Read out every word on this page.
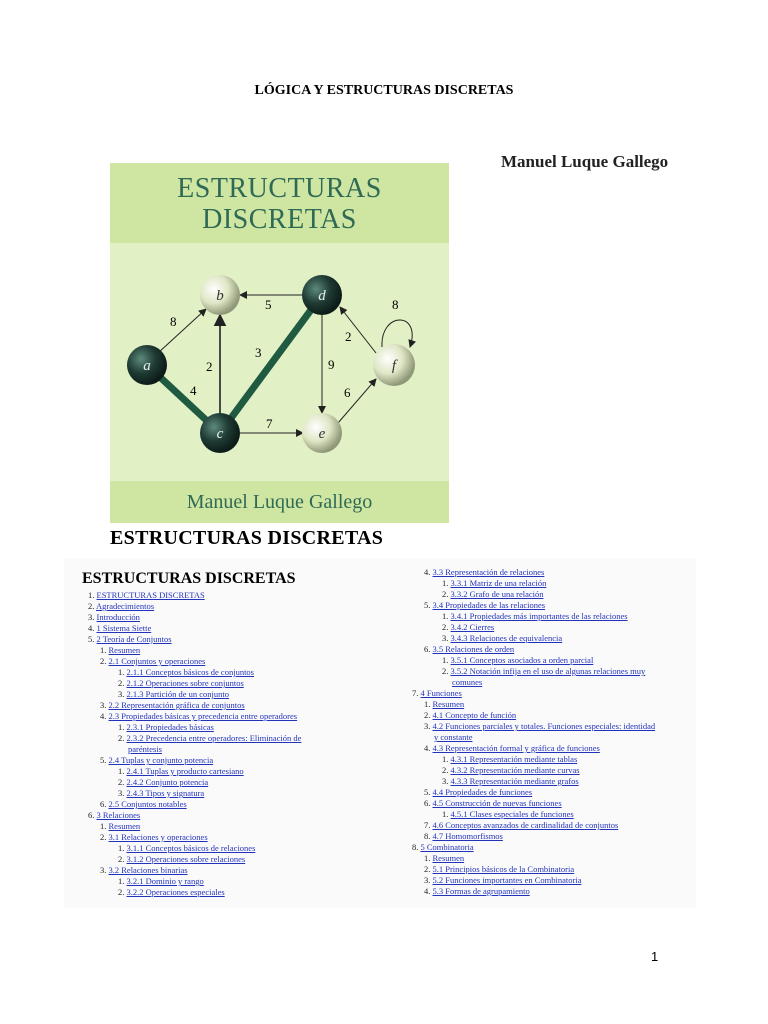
LÓGICA Y ESTRUCTURAS DISCRETAS
Manuel Luque Gallego
ESTRUCTURAS
DISCRETAS
8
5
2
3
4
9
2
6
7
8
a
b
c
d
e
f
Manuel Luque Gallego
ESTRUCTURAS DISCRETAS
ESTRUCTURAS DISCRETAS
1. ESTRUCTURAS DISCRETAS
2. Agradecimientos
3. Introducción
4. 1 Sistema Siette
5. 2 Teoría de Conjuntos
1. Resumen
2. 2.1 Conjuntos y operaciones
1. 2.1.1 Conceptos básicos de conjuntos
2. 2.1.2 Operaciones sobre conjuntos
3. 2.1.3 Partición de un conjunto
3. 2.2 Representación gráfica de conjuntos
4. 2.3 Propiedades básicas y precedencia entre operadores
1. 2.3.1 Propiedades básicas
2. 2.3.2 Precedencia entre operadores: Eliminación de
paréntesis
5. 2.4 Tuplas y conjunto potencia
1. 2.4.1 Tuplas y producto cartesiano
2. 2.4.2 Conjunto potencia
3. 2.4.3 Tipos y signatura
6. 2.5 Conjuntos notables
6. 3 Relaciones
1. Resumen
2. 3.1 Relaciones y operaciones
1. 3.1.1 Conceptos básicos de relaciones
2. 3.1.2 Operaciones sobre relaciones
3. 3.2 Relaciones binarias
1. 3.2.1 Dominio y rango
2. 3.2.2 Operaciones especiales
4. 3.3 Representación de relaciones
1. 3.3.1 Matriz de una relación
2. 3.3.2 Grafo de una relación
5. 3.4 Propiedades de las relaciones
1. 3.4.1 Propiedades más importantes de las relaciones
2. 3.4.2 Cierres
3. 3.4.3 Relaciones de equivalencia
6. 3.5 Relaciones de orden
1. 3.5.1 Conceptos asociados a orden parcial
2. 3.5.2 Notación infija en el uso de algunas relaciones muy
comunes
7. 4 Funciones
1. Resumen
2. 4.1 Concepto de función
3. 4.2 Funciones parciales y totales. Funciones especiales: identidad
y constante
4. 4.3 Representación formal y gráfica de funciones
1. 4.3.1 Representación mediante tablas
2. 4.3.2 Representación mediante curvas
3. 4.3.3 Representación mediante grafos
5. 4.4 Propiedades de funciones
6. 4.5 Construcción de nuevas funciones
1. 4.5.1 Clases especiales de funciones
7. 4.6 Conceptos avanzados de cardinalidad de conjuntos
8. 4.7 Homomorfismos
8. 5 Combinatoria
1. Resumen
2. 5.1 Principios básicos de la Combinatoria
3. 5.2 Funciones importantes en Combinatoria
4. 5.3 Formas de agrupamiento
1
